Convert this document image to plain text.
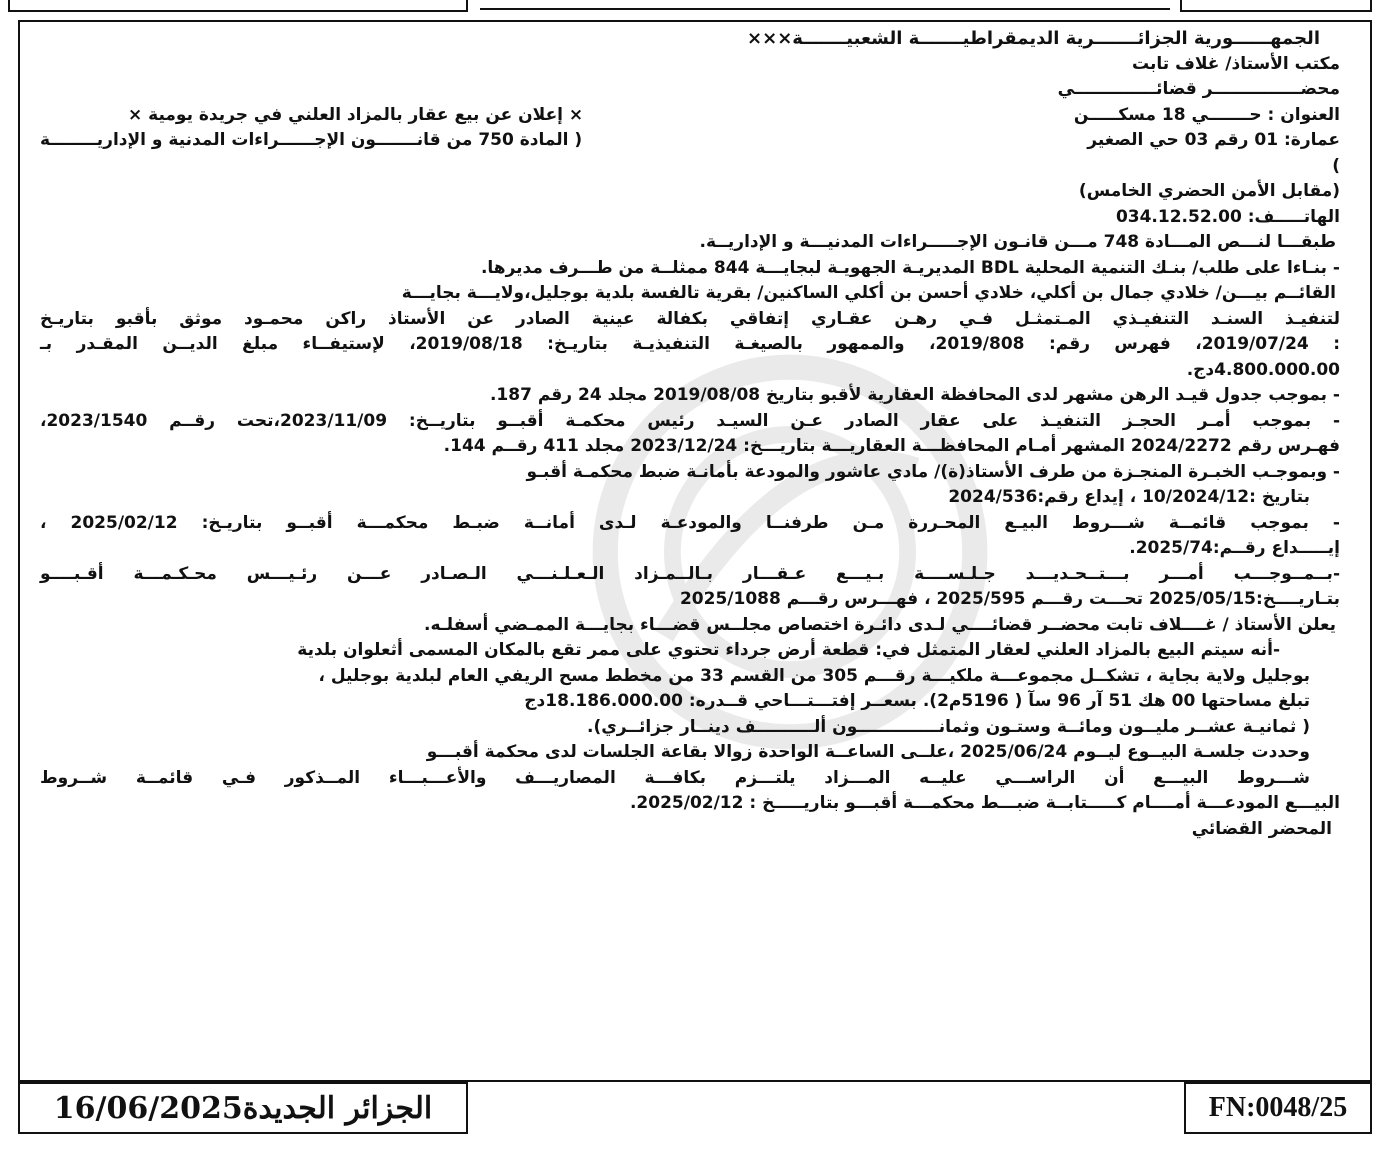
الجمهــــــورية الجزائـــــــرية الديمقراطيـــــــة الشعبيـــــــة×××
مكتب الأستاذ/ غلاف تابت
محضـــــــــــــــر قضائــــــــــــــي
العنوان : حـــــــي 18 مسكـــــن
× إعلان عن بيع عقار بالمزاد العلني في جريدة يومية ×
عمارة: 01 رقم 03 حي الصغير
( المادة 750 من قانـــــــون الإجــــــراءات المدنية و الإداريــــــــة
)
(مقابل الأمن الحضري الخامس)
الهاتـــــف: 034.12.52.00
طبقـــا لنـــص المـــادة 748 مـــن قانـون الإجـــــراءات المدنيـــة و الإداريــة.
- بنـاءا على طلب/ بنـك التنمية المحلية BDL المديريـة الجهويـة لبجايـــة 844 ممثلــة من طـــرف مديرها.
القائــم بيـــن/ خلادي جمال بن أكلي، خلادي أحسن بن أكلي الساكنين/ بقرية تالفسة بلدية بوجليل،ولايـــة بجايـــة
لتنفيـذ السنـد التنفيـذي المـتمثـل فـي رهـن عقـاري إتفاقي بكفالة عينية الصادر عن الأستاذ راكن محمـود موثق بأقبو بتاريـخ
: 2019/07/24، فهرس رقم: 2019/808، والممهور بالصيغـة التنفيذيـة بتاريـخ: 2019/08/18، لإستيفــاء مبلغ الديــن المقـدر بـ
4.800.000.00دج.
- بموجب جدول قيـد الرهن مشهر لدى المحافظة العقارية لأقبو بتاريخ 2019/08/08 مجلد 24 رقم 187.
- بموجب أمـر الحجـز التنفيـذ على عقار الصادر عـن السيـد رئيس محكمـة أقبــو بتاريــخ: 2023/11/09،تحت رقــم 2023/1540،
فهـرس رقم 2024/2272 المشهر أمـام المحافظـــة العقاريـــة بتاريـــخ: 2023/12/24 مجلد 411 رقــم 144.
- وبموجـب الخبـرة المنجـزة من طرف الأستاذ(ة)/ مادي عاشور والمودعة بأمانـة ضبط محكمـة أقبـو
بتاريخ :10/2024/12 ، إيداع رقم:2024/536
- بموجب قائمــة شـــروط البيـع المحـررة مـن طرفنــا والمودعـة لـدى أمانــة ضبـط محكمـــة أقبــو بتاريـخ: 2025/02/12 ،
إيـــــداع رقــم:2025/74.
-بــمــوجـــب أمـــر بـــتــحـديـــد جـلـســــة بـيـــع عـقـــار بـالــمـزاد الـعـلـنـــي الـصـادر عـــن رئـيـــس محـكـمـــة أقـبــــو
بتـاريــــخ:2025/05/15 تحـــت رقـــم 2025/595 ، فهـــرس رقـــم 2025/1088
يعلن الأستاذ / غــــلاف تابت محضــر قضائــــي لـدى دائـرة اختصاص مجلــس قضـــاء بجايـــة الممـضي أسفلـه.
-أنه سيتم البيع بالمزاد العلني لعقار المتمثل في: قطعة أرض جرداء تحتوي على ممر تقع بالمكان المسمى أثعلوان بلدية
بوجليل ولاية بجاية ، تشكــل مجموعـــة ملكيـــة رقـــم 305 من القسم 33 من مخطط مسح الريفي العام لبلدية بوجليل ،
تبلغ مساحتها 00 هك 51 آر 96 سآ ( 5196م2). بسعــر إفتـــتـــاحي قــدره: 18.186.000.00دج
( ثمانيـة عشــر مليــون ومائــة وستـون وثمانــــــــــــــون ألــــــــــف دينــار جزائــري).
وحددت جلسـة البيــوع ليــوم 2025/06/24 ،علــى الساعــة الواحدة زوالا بقاعة الجلسات لدى محكمة أقبـــو
شـــروط البيـــع أن الراســـي عليــه المـــزاد يلتـــزم بكافـــة المصاريـــف والأعـــبـــاء المــذكور فـي قائمــة شــروط
البيـــع المودعـــة أمــــام كـــــتابــة ضبـــط محكمـــة أقبـــو بتاريـــــخ : 2025/02/12.
المحضر القضائي
الجزائر الجديدة16/06/2025	FN:0048/25
